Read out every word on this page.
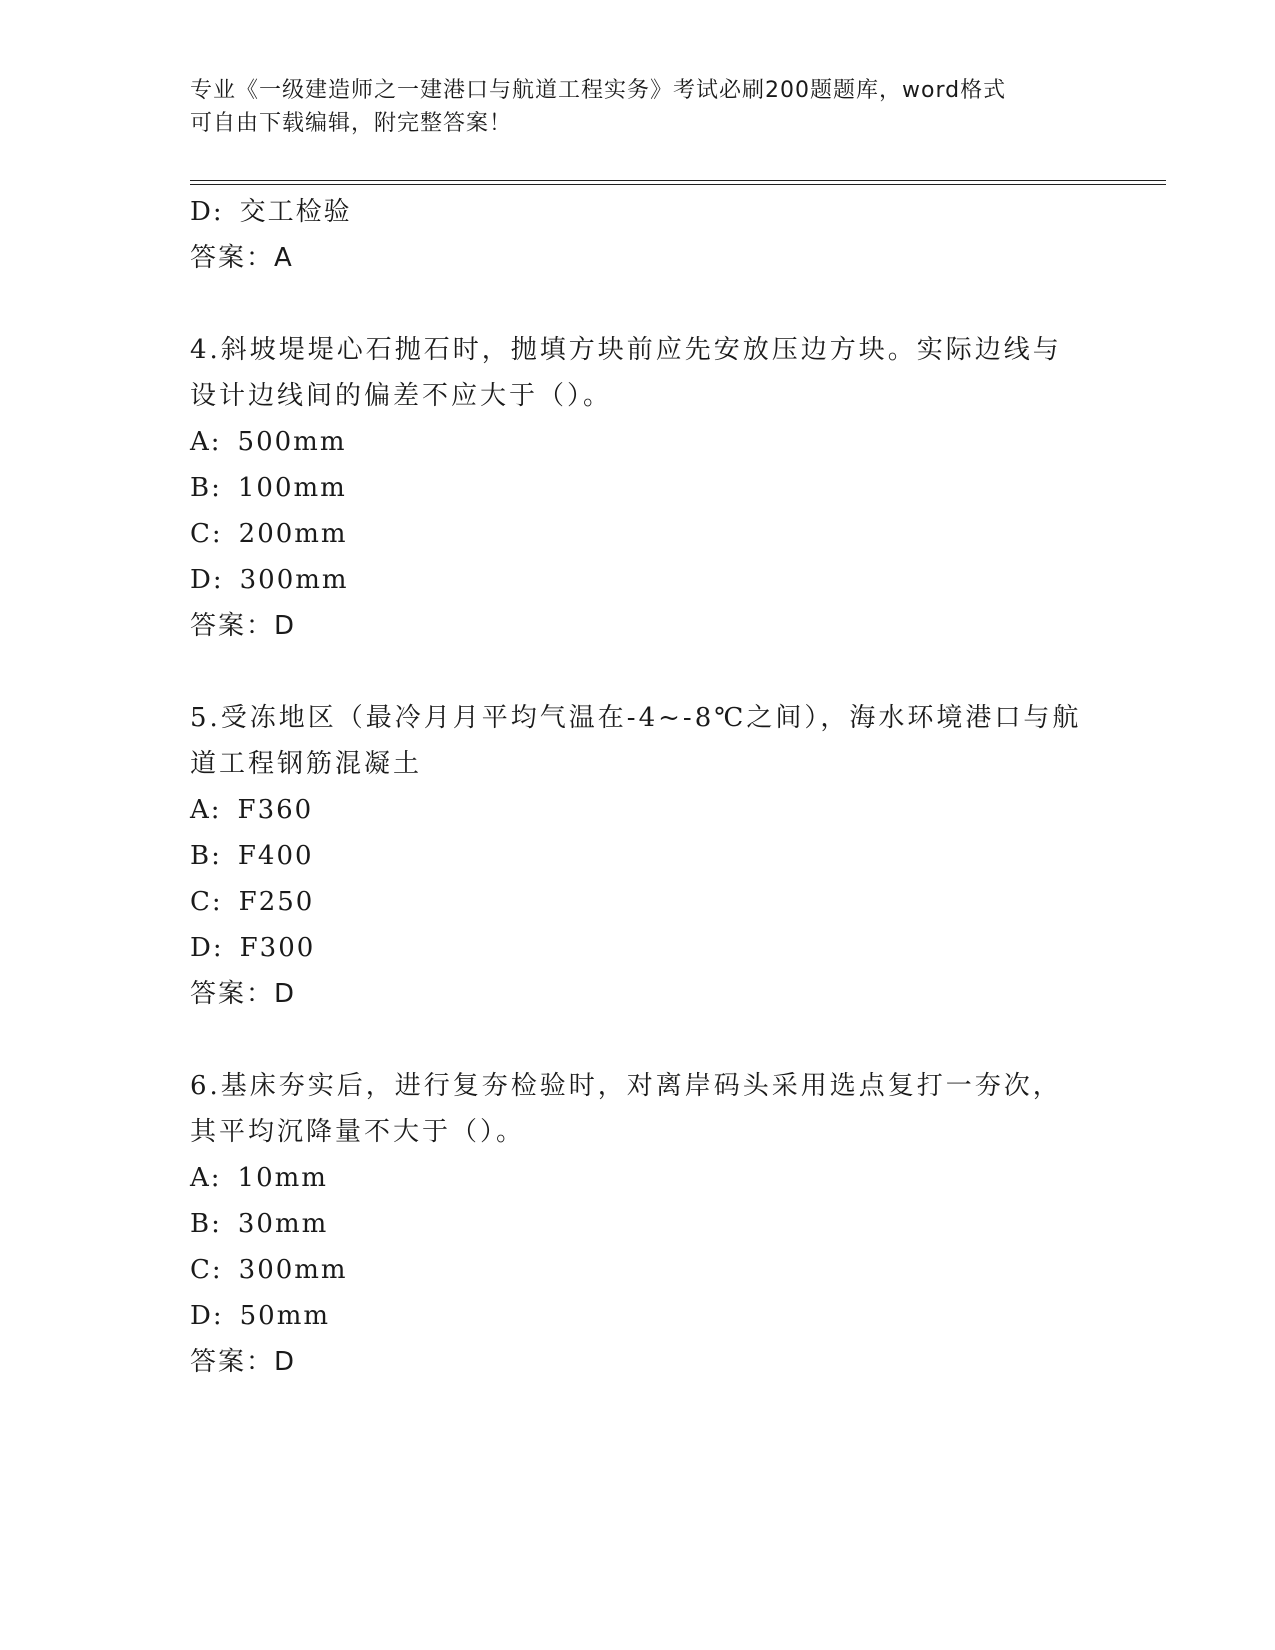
专业《一级建造师之一建港口与航道工程实务》考试必刷200题题库，word格式
可自由下载编辑，附完整答案！
D: 交工检验
答案：A
4.斜坡堤堤心石抛石时，抛填方块前应先安放压边方块。实际边线与
设计边线间的偏差不应大于（）。
A: 500mm
B: 100mm
C: 200mm
D: 300mm
答案：D
5.受冻地区（最冷月月平均气温在-4~-8℃之间），海水环境港口与航
道工程钢筋混凝土
A: F360
B: F400
C: F250
D: F300
答案：D
6.基床夯实后，进行复夯检验时，对离岸码头采用选点复打一夯次，
其平均沉降量不大于（）。
A: 10mm
B: 30mm
C: 300mm
D: 50mm
答案：D
